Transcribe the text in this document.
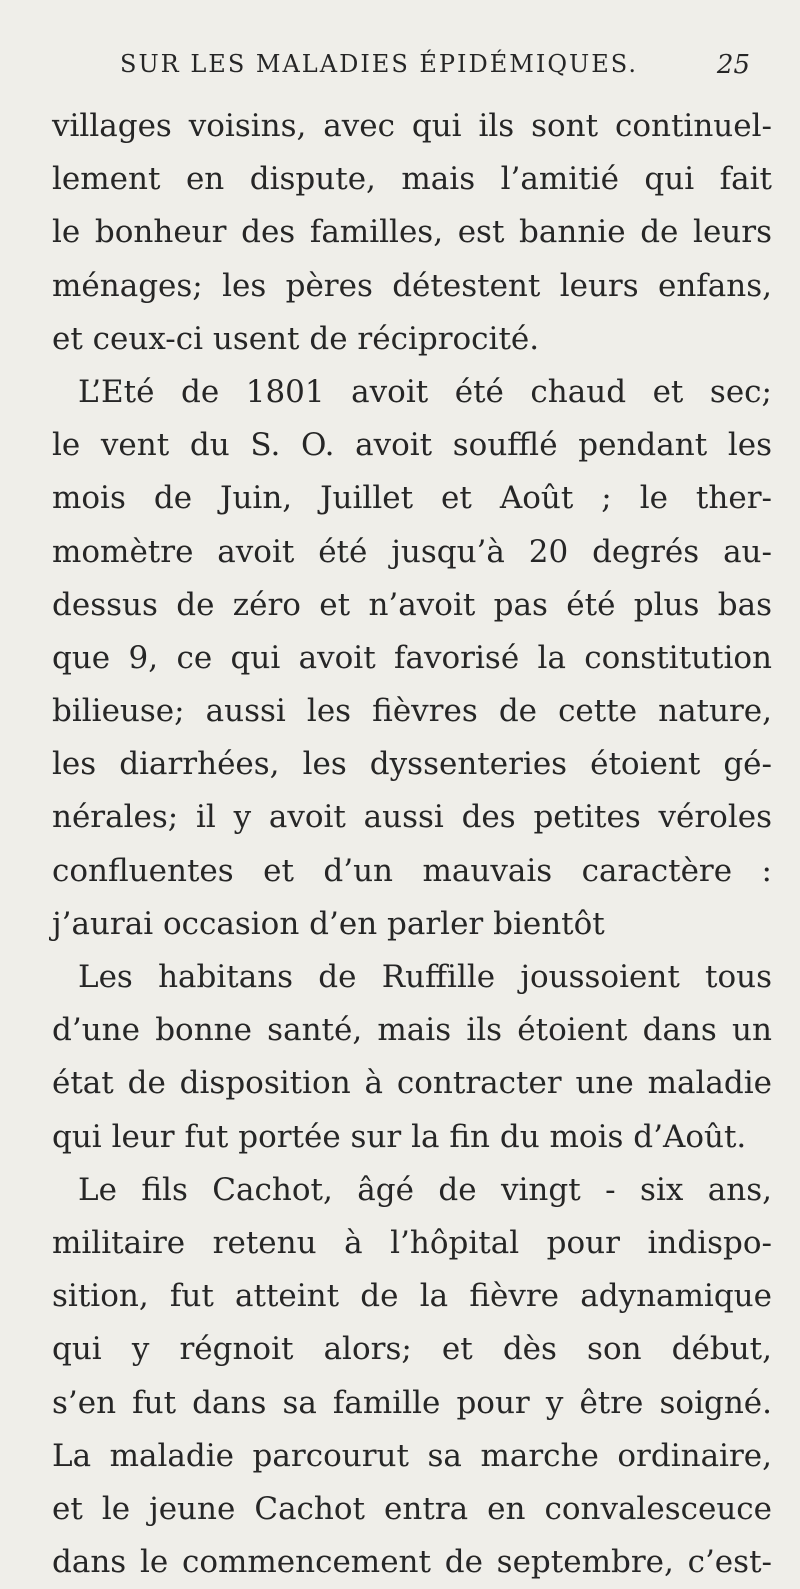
SUR LES MALADIES ÉPIDÉMIQUES.	25
villages voisins, avec qui ils sont continuel-
lement en dispute, mais l’amitié qui fait
le bonheur des familles, est bannie de leurs
ménages; les pères détestent leurs enfans,
et ceux-ci usent de réciprocité.
L’Eté de 1801 avoit été chaud et sec;
le vent du S. O. avoit soufflé pendant les
mois de Juin, Juillet et Août ; le ther-
momètre avoit été jusqu’à 20 degrés au-
dessus de zéro et n’avoit pas été plus bas
que 9, ce qui avoit favorisé la constitution
bilieuse; aussi les fièvres de cette nature,
les diarrhées, les dyssenteries étoient gé-
nérales; il y avoit aussi des petites véroles
confluentes et d’un mauvais caractère :
j’aurai occasion d’en parler bientôt
Les habitans de Ruffille joussoient tous
d’une bonne santé, mais ils étoient dans un
état de disposition à contracter une maladie
qui leur fut portée sur la fin du mois d’Août.
Le fils Cachot, âgé de vingt - six ans,
militaire retenu à l’hôpital pour indispo-
sition, fut atteint de la fièvre adynamique
qui y régnoit alors; et dès son début,
s’en fut dans sa famille pour y être soigné.
La maladie parcourut sa marche ordinaire,
et le jeune Cachot entra en convalesceuce
dans le commencement de septembre, c’est-
